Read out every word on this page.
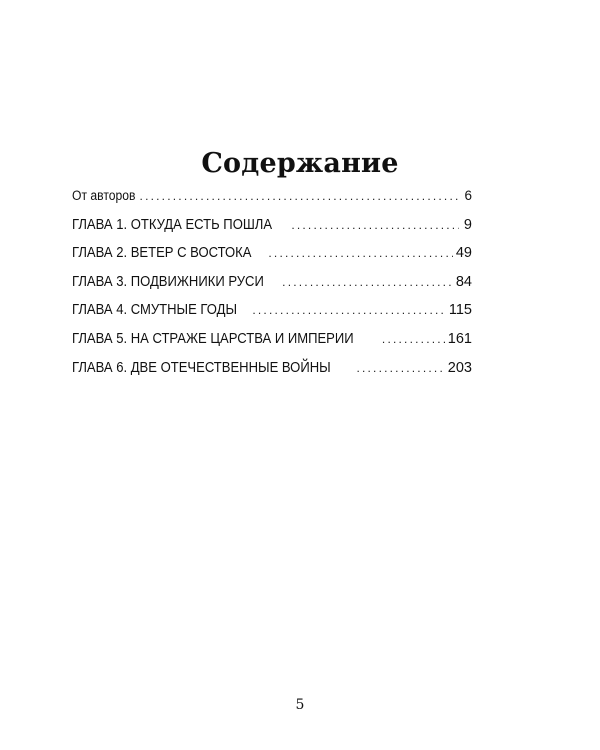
Содержание
От авторов .....	6
ГЛАВА 1. ОТКУДА ЕСТЬ ПОШЛА .....	9
ГЛАВА 2. ВЕТЕР С ВОСТОКА .....	49
ГЛАВА 3. ПОДВИЖНИКИ РУСИ .....	84
ГЛАВА 4. СМУТНЫЕ ГОДЫ .....	115
ГЛАВА 5. НА СТРАЖЕ ЦАРСТВА И ИМПЕРИИ .....	161
ГЛАВА 6. ДВЕ ОТЕЧЕСТВЕННЫЕ ВОЙНЫ .....	203
5
